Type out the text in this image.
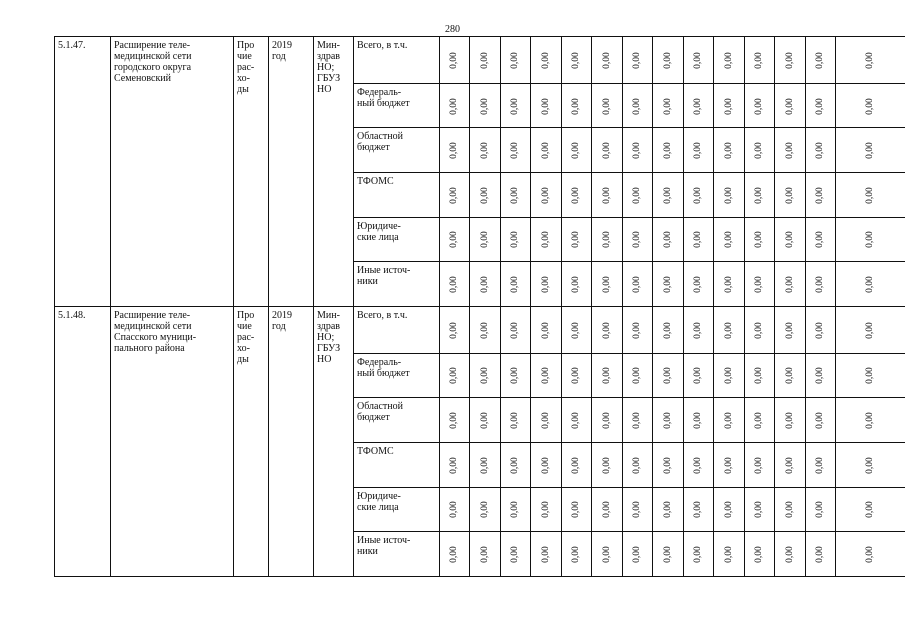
280
5.1.47.	Расширение теле-
медицинской сети
городского округа
Семеновский	Про
чие
рас-
хо-
ды	2019
год	Мин-
здрав
НО;
ГБУЗ
НО	Всего, в т.ч.	0,00	0,00	0,00	0,00	0,00	0,00	0,00	0,00	0,00	0,00	0,00	0,00	0,00	0,00

					Федераль-
ный бюджет	0,00	0,00	0,00	0,00	0,00	0,00	0,00	0,00	0,00	0,00	0,00	0,00	0,00	0,00

					Областной
бюджет	0,00	0,00	0,00	0,00	0,00	0,00	0,00	0,00	0,00	0,00	0,00	0,00	0,00	0,00

					ТФОМС	0,00	0,00	0,00	0,00	0,00	0,00	0,00	0,00	0,00	0,00	0,00	0,00	0,00	0,00

					Юридиче-
ские лица	0,00	0,00	0,00	0,00	0,00	0,00	0,00	0,00	0,00	0,00	0,00	0,00	0,00	0,00

					Иные источ-
ники	0,00	0,00	0,00	0,00	0,00	0,00	0,00	0,00	0,00	0,00	0,00	0,00	0,00	0,00

5.1.48.	Расширение теле-
медицинской сети
Спасского муници-
пального района	Про
чие
рас-
хо-
ды	2019
год	Мин-
здрав
НО;
ГБУЗ
НО	Всего, в т.ч.	0,00	0,00	0,00	0,00	0,00	0,00	0,00	0,00	0,00	0,00	0,00	0,00	0,00	0,00

					Федераль-
ный бюджет	0,00	0,00	0,00	0,00	0,00	0,00	0,00	0,00	0,00	0,00	0,00	0,00	0,00	0,00

					Областной
бюджет	0,00	0,00	0,00	0,00	0,00	0,00	0,00	0,00	0,00	0,00	0,00	0,00	0,00	0,00

					ТФОМС	0,00	0,00	0,00	0,00	0,00	0,00	0,00	0,00	0,00	0,00	0,00	0,00	0,00	0,00

					Юридиче-
ские лица	0,00	0,00	0,00	0,00	0,00	0,00	0,00	0,00	0,00	0,00	0,00	0,00	0,00	0,00

					Иные источ-
ники	0,00	0,00	0,00	0,00	0,00	0,00	0,00	0,00	0,00	0,00	0,00	0,00	0,00	0,00
